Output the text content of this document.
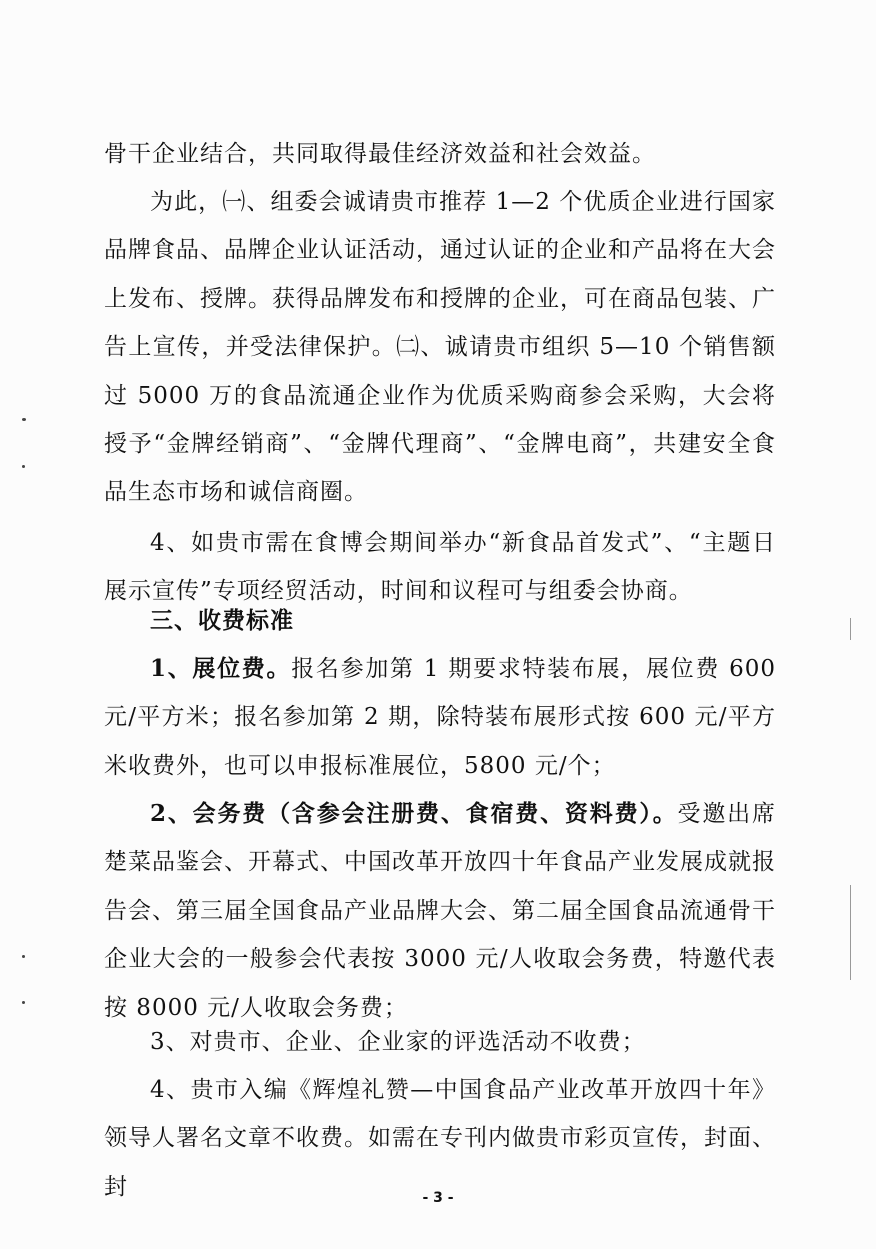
骨干企业结合，共同取得最佳经济效益和社会效益。

为此，㈠、组委会诚请贵市推荐 1—2 个优质企业进行国家品牌食品、品牌企业认证活动，通过认证的企业和产品将在大会上发布、授牌。获得品牌发布和授牌的企业，可在商品包装、广告上宣传，并受法律保护。㈡、诚请贵市组织 5—10 个销售额过 5000 万的食品流通企业作为优质采购商参会采购，大会将授予“金牌经销商”、“金牌代理商”、“金牌电商”，共建安全食品生态市场和诚信商圈。

4、如贵市需在食博会期间举办“新食品首发式”、“主题日展示宣传”专项经贸活动，时间和议程可与组委会协商。

三、收费标准

1、展位费。报名参加第 1 期要求特装布展，展位费 600 元/平方米；报名参加第 2 期，除特装布展形式按 600 元/平方米收费外，也可以申报标准展位，5800 元/个；

2、会务费（含参会注册费、食宿费、资料费）。受邀出席楚菜品鉴会、开幕式、中国改革开放四十年食品产业发展成就报告会、第三届全国食品产业品牌大会、第二届全国食品流通骨干企业大会的一般参会代表按 3000 元/人收取会务费，特邀代表按 8000 元/人收取会务费；

3、对贵市、企业、企业家的评选活动不收费；

4、贵市入编《辉煌礼赞—中国食品产业改革开放四十年》领导人署名文章不收费。如需在专刊内做贵市彩页宣传，封面、封	- 3 -
